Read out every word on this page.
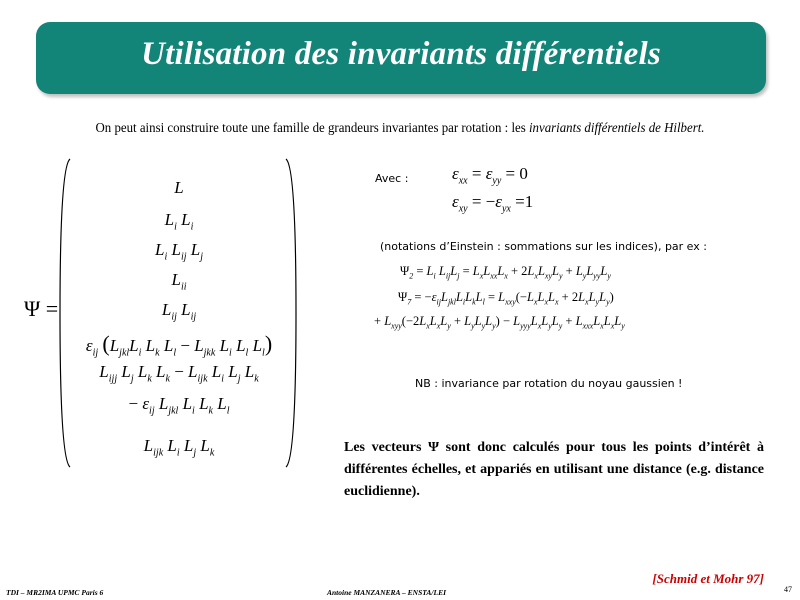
Utilisation des invariants différentiels
On peut ainsi construire toute une famille de grandeurs invariantes par rotation : les invariants différentiels de Hilbert.
Ψ =
L
$L_i$ $L_i$
$L_i$ $L_{ij}$ $L_j$
$L_{ii}$
$L_{ij}$ $L_{ij}$
$\varepsilon_{ij}$ ($L_{jkl}L_i$ $L_k$ $L_l - L_{jkk}$ $L_i$ $L_l$ $L_l$)
$L_{ijj}$ $L_j$ $L_k$ $L_k - L_{ijk}$ $L_i$ $L_j$ $L_k$
− $\varepsilon_{ij}$ $L_{jkl}$ $L_i$ $L_k$ $L_l$
$L_{ijk}$ $L_i$ $L_j$ $L_k$
Avec :	$\varepsilon_{xx} = \varepsilon_{yy} = 0$
$\varepsilon_{xy} = -\varepsilon_{yx} =1$
(notations d’Einstein : sommations sur les indices), par ex :
$\Psi_2 = L_i$ $L_{ij}L_j = L_xL_{xx}L_x + 2L_xL_{xy}L_y + L_yL_{yy}L_y$
$\Psi_7 = -\varepsilon_{ij}L_{jkl}L_iL_kL_l = L_{xxy}(-L_xL_xL_x + 2L_xL_yL_y)$
+ $L_{xyy}(-2L_xL_xL_y + L_yL_yL_y) - L_{yyy}L_xL_yL_y + L_{xxx}L_xL_xL_y$
NB : invariance par rotation du noyau gaussien !
Les vecteurs Ψ sont donc calculés pour tous les points d’intérêt à différentes échelles, et appariés en utilisant une distance (e.g. distance euclidienne).
[Schmid et Mohr 97]
TDI – MR2IMA UPMC Paris 6	Antoine MANZANERA – ENSTA/LEI	47
